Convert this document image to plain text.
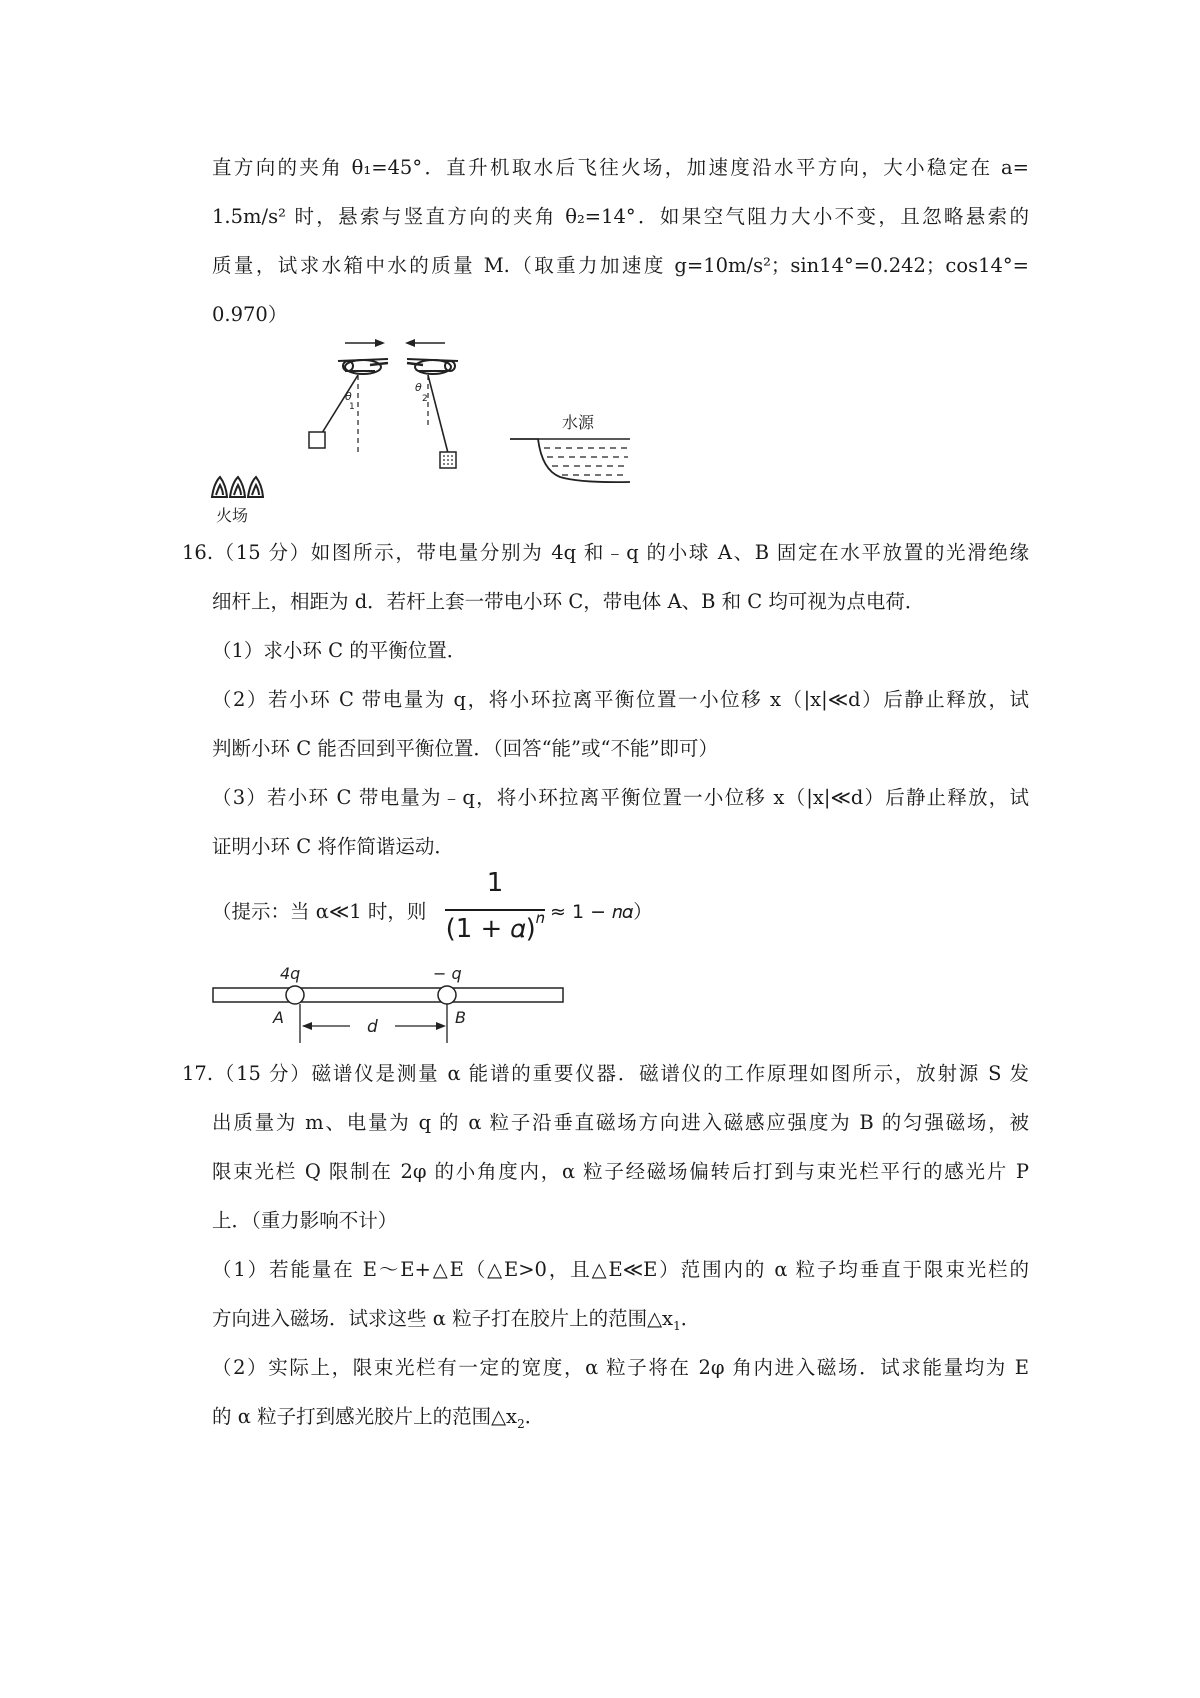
直方向的夹角 θ₁=45°．直升机取水后飞往火场，加速度沿水平方向，大小稳定在 a=
1.5m/s² 时，悬索与竖直方向的夹角 θ₂=14°．如果空气阻力大小不变，且忽略悬索的
质量，试求水箱中水的质量 M.（取重力加速度 g=10m/s²；sin14°=0.242；cos14°=
0.970）
θ
1
θ
2
火场
水源
16.（15 分）如图所示，带电量分别为 4q 和﹣q 的小球 A、B 固定在水平放置的光滑绝缘
细杆上，相距为 d．若杆上套一带电小环 C，带电体 A、B 和 C 均可视为点电荷．
（1）求小环 C 的平衡位置．
（2）若小环 C 带电量为 q，将小环拉离平衡位置一小位移 x（|x|≪d）后静止释放，试
判断小环 C 能否回到平衡位置．（回答“能”或“不能”即可）
（3）若小环 C 带电量为﹣q，将小环拉离平衡位置一小位移 x（|x|≪d）后静止释放，试
证明小环 C 将作简谐运动．
（提示：当 α≪1 时，则
1
(1 + 𝛼)$^𝑛$ ≈ 1 − 𝑛𝛼）
4q	− q
A	B
d
17.（15 分）磁谱仪是测量 α 能谱的重要仪器．磁谱仪的工作原理如图所示，放射源 S 发
出质量为 m、电量为 q 的 α 粒子沿垂直磁场方向进入磁感应强度为 B 的匀强磁场，被
限束光栏 Q 限制在 2φ 的小角度内，α 粒子经磁场偏转后打到与束光栏平行的感光片 P
上．（重力影响不计）
（1）若能量在 E～E+△E（△E>0，且△E≪E）范围内的 α 粒子均垂直于限束光栏的
方向进入磁场．试求这些 α 粒子打在胶片上的范围$\triangle x_1$．
（2）实际上，限束光栏有一定的宽度，α 粒子将在 2φ 角内进入磁场．试求能量均为 E
的 α 粒子打到感光胶片上的范围$\triangle x_2$．
